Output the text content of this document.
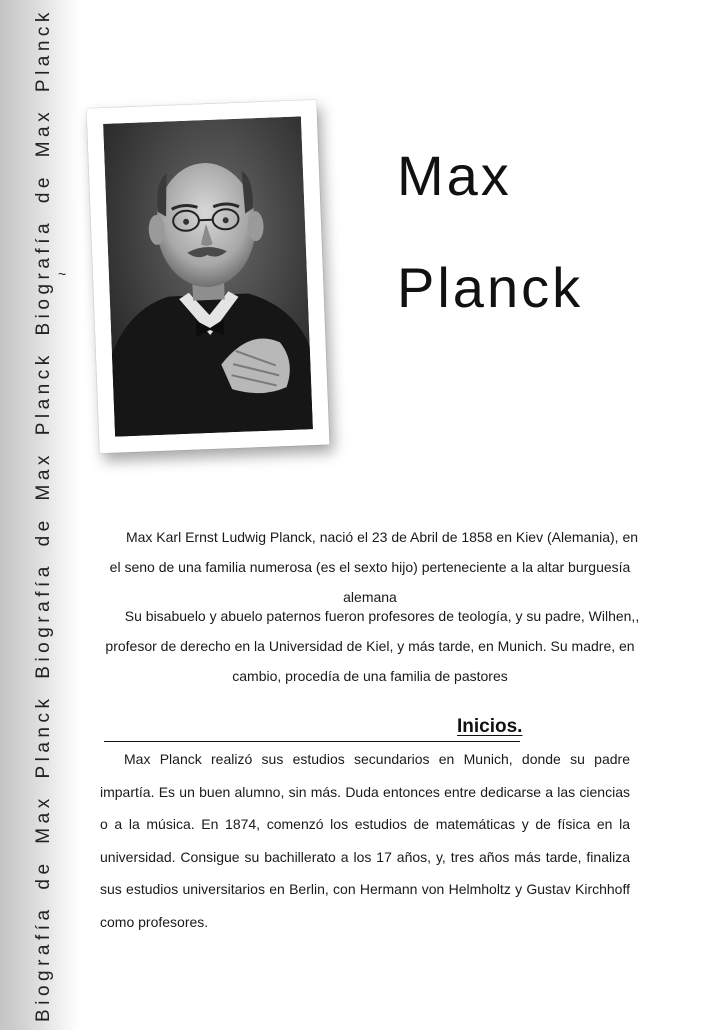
Biografía de Max Planck Biografía de Max Planck Biografía de Max Planck ~
Max
Planck
Max Karl Ernst Ludwig Planck, nació el 23 de Abril de 1858 en Kiev (Alemania), en el seno de una familia numerosa (es el sexto hijo) perteneciente a la altar burguesía alemana
Su bisabuelo y abuelo paternos fueron profesores de teología, y su padre, Wilhen,, profesor de derecho en la Universidad de Kiel, y más tarde, en Munich. Su madre, en cambio, procedía de una familia de pastores
Inicios.
Max Planck realizó sus estudios secundarios en Munich, donde su padre impartía. Es un buen alumno, sin más. Duda entonces entre dedicarse a las ciencias o a la música. En 1874, comenzó los estudios de matemáticas y de física en la universidad. Consigue su bachillerato a los 17 años, y, tres años más tarde, finaliza sus estudios universitarios en Berlin, con Hermann von Helmholtz y Gustav Kirchhoff como profesores.
